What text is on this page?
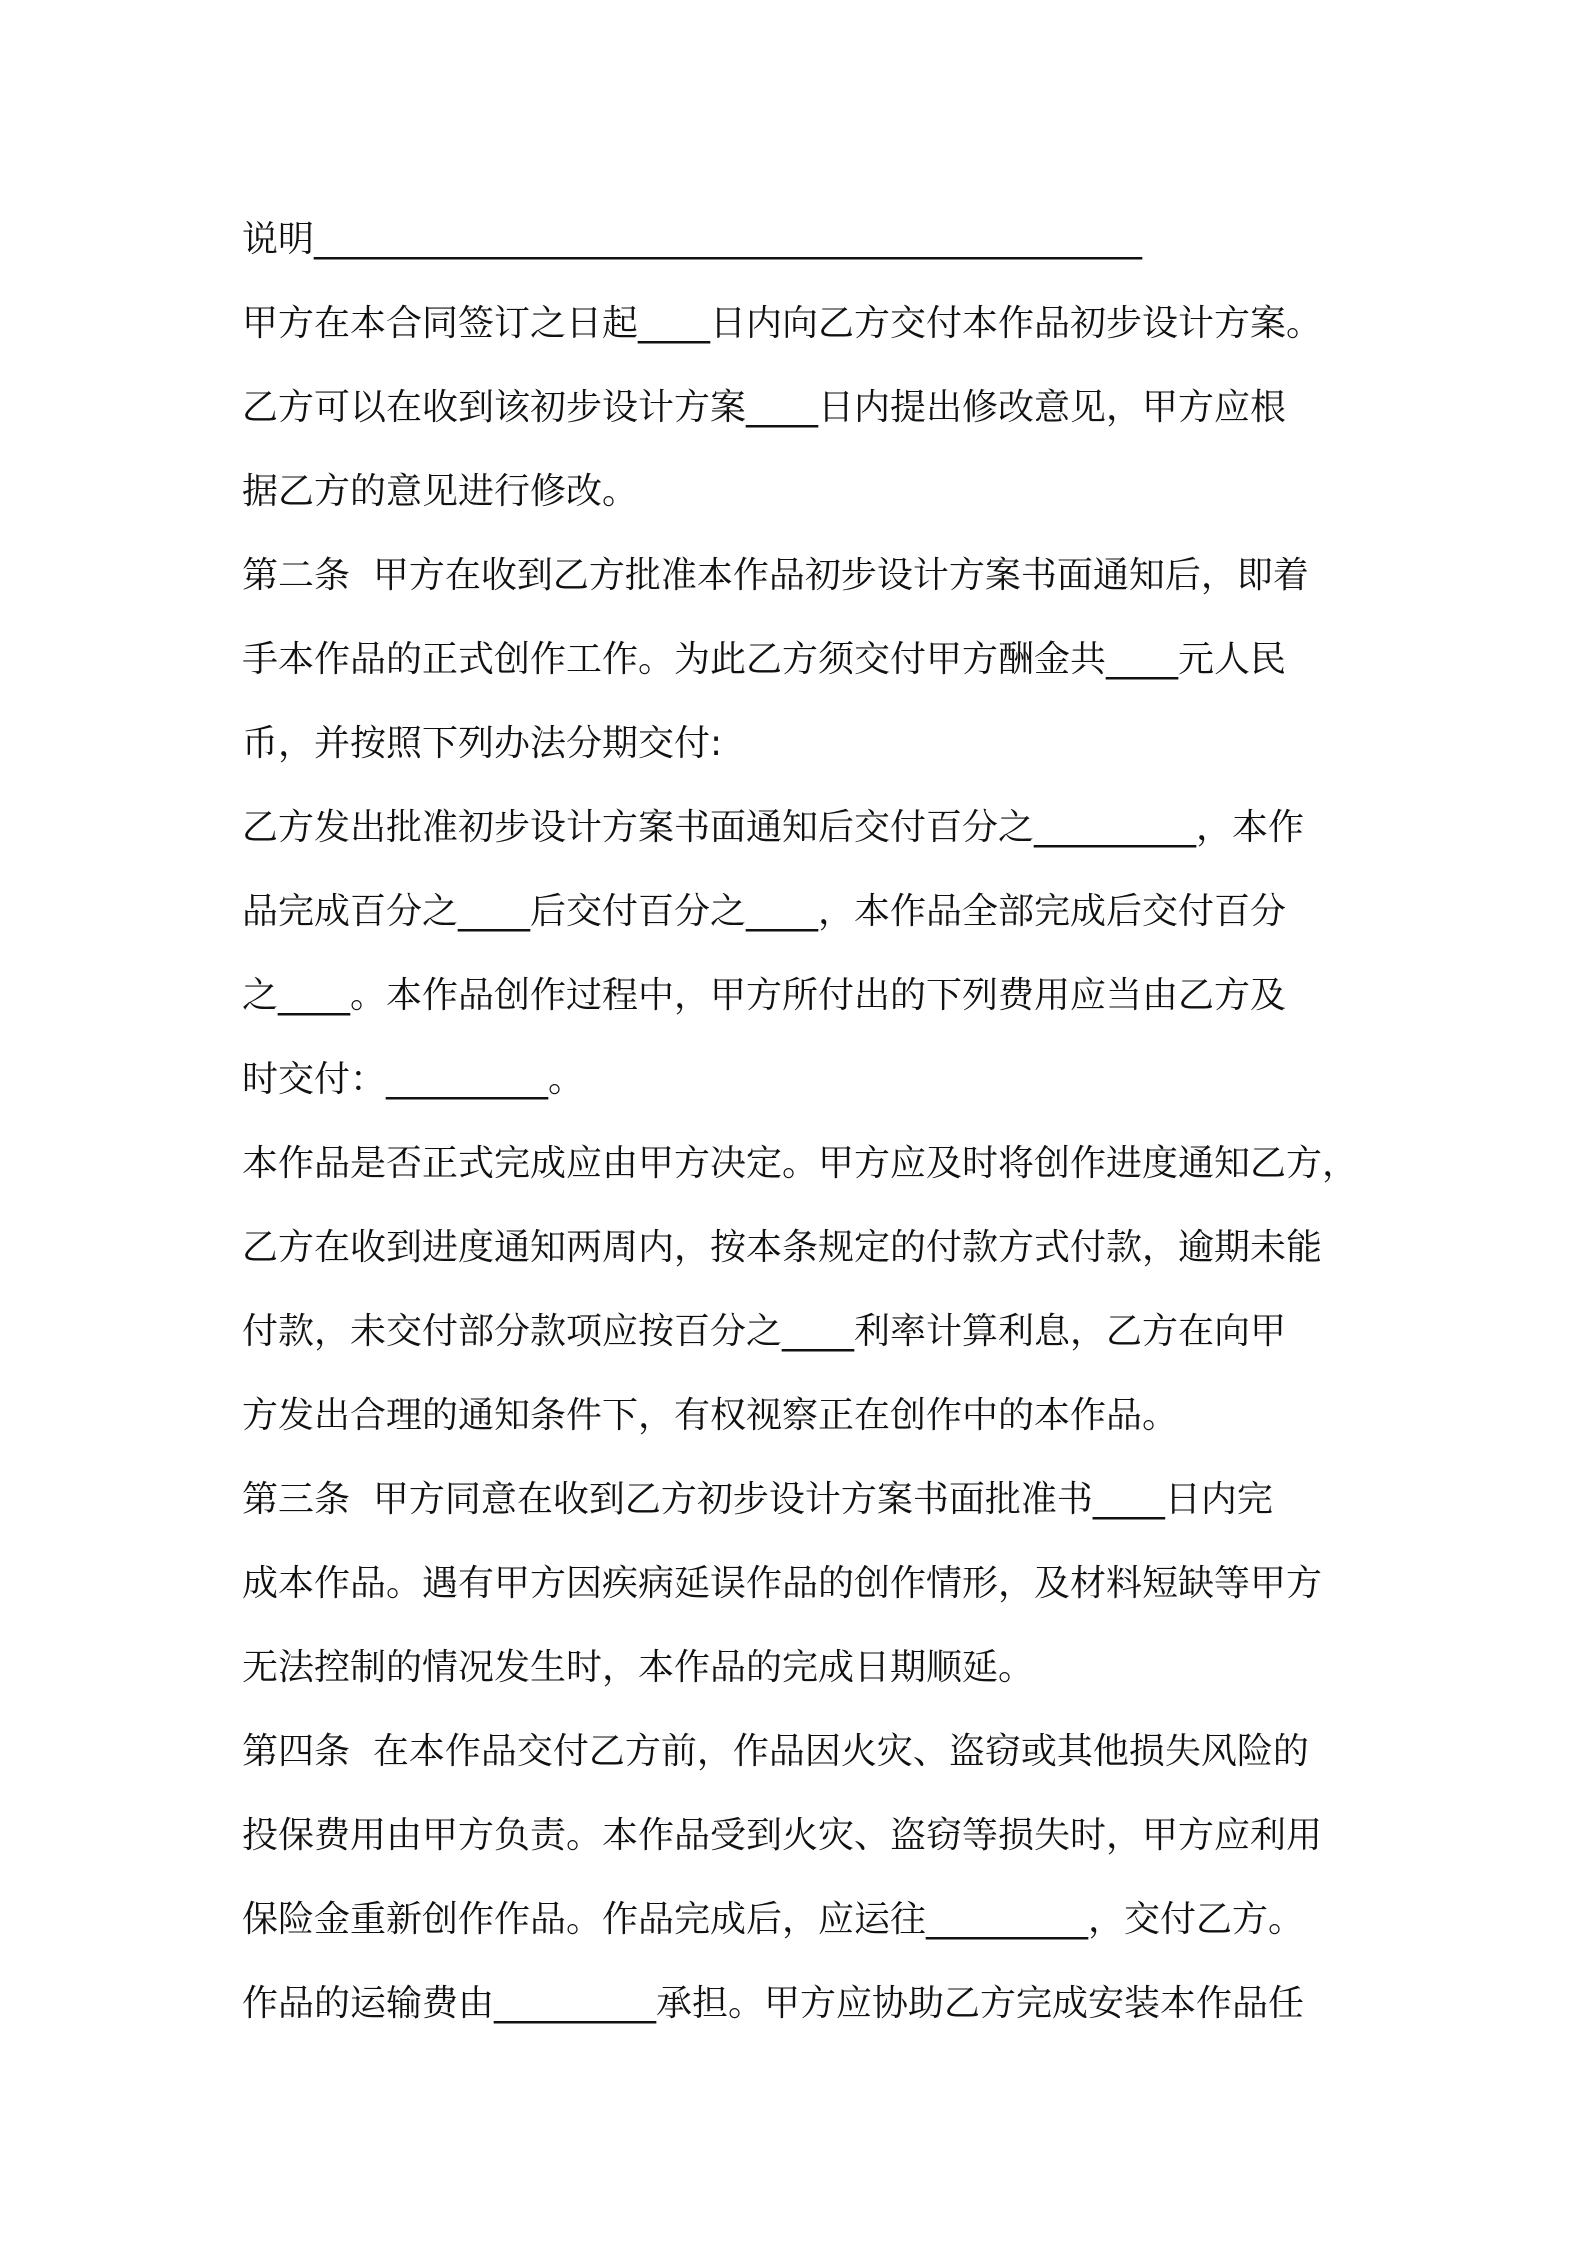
说明______________________________________________
甲方在本合同签订之日起____日内向乙方交付本作品初步设计方案。
乙方可以在收到该初步设计方案____日内提出修改意见，甲方应根
据乙方的意见进行修改。
第二条  甲方在收到乙方批准本作品初步设计方案书面通知后，即着
手本作品的正式创作工作。为此乙方须交付甲方酬金共____元人民
币，并按照下列办法分期交付:
乙方发出批准初步设计方案书面通知后交付百分之_________，本作
品完成百分之____后交付百分之____，本作品全部完成后交付百分
之____。本作品创作过程中，甲方所付出的下列费用应当由乙方及
时交付：_________。
本作品是否正式完成应由甲方决定。甲方应及时将创作进度通知乙方，
乙方在收到进度通知两周内，按本条规定的付款方式付款，逾期未能
付款，未交付部分款项应按百分之____利率计算利息，乙方在向甲
方发出合理的通知条件下，有权视察正在创作中的本作品。
第三条  甲方同意在收到乙方初步设计方案书面批准书____日内完
成本作品。遇有甲方因疾病延误作品的创作情形，及材料短缺等甲方
无法控制的情况发生时，本作品的完成日期顺延。
第四条  在本作品交付乙方前，作品因火灾、盗窃或其他损失风险的
投保费用由甲方负责。本作品受到火灾、盗窃等损失时，甲方应利用
保险金重新创作作品。作品完成后，应运往_________，交付乙方。
作品的运输费由_________承担。甲方应协助乙方完成安装本作品任
